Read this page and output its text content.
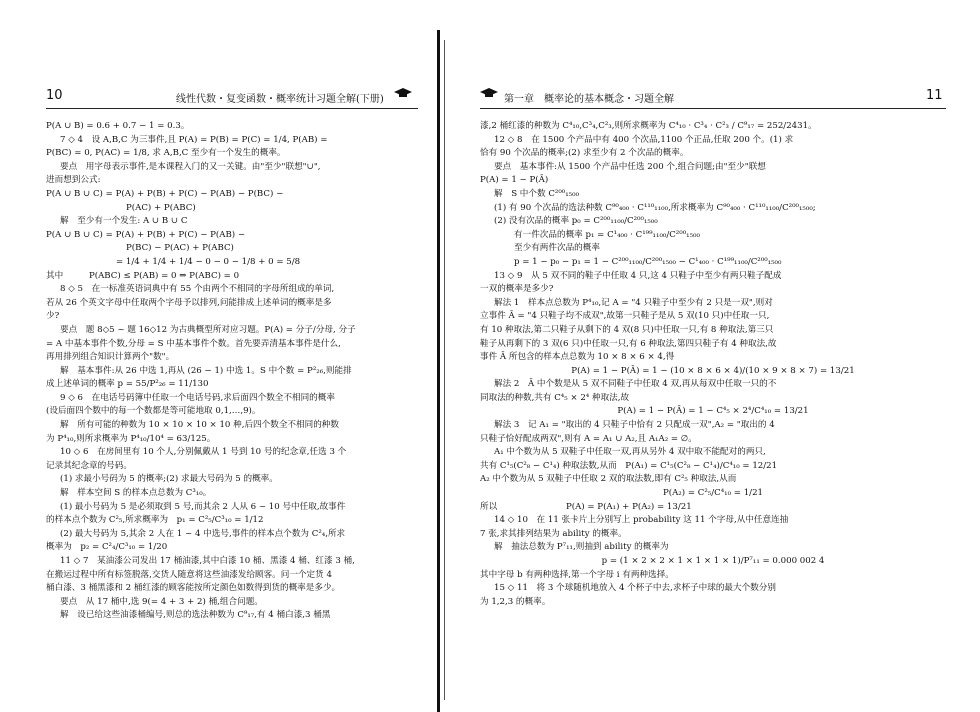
10	线性代数・复变函数・概率统计习题全解(下册)

P(A ∪ B) = 0.6 + 0.7 − 1 = 0.3。

7 ◇ 4　设 A,B,C 为三事件,且 P(A) = P(B) = P(C) = 1/4, P(AB) =

P(BC) = 0, P(AC) = 1/8, 求 A,B,C 至少有一个发生的概率。

要点　用字母表示事件,是本课程入门的又一关键。由"至少"联想"∪",

进而想到公式:

P(A ∪ B ∪ C) = P(A) + P(B) + P(C) − P(AB) − P(BC) −

P(AC) + P(ABC)

解　至少有一个发生: A ∪ B ∪ C

P(A ∪ B ∪ C) = P(A) + P(B) + P(C) − P(AB) −

P(BC) − P(AC) + P(ABC)

= 1/4 + 1/4 + 1/4 − 0 − 0 − 1/8 + 0 = 5/8

其中　　　P(ABC) ≤ P(AB) = 0 ⇒ P(ABC) = 0

8 ◇ 5　在一标准英语词典中有 55 个由两个不相同的字母所组成的单词,

若从 26 个英文字母中任取两个字母予以排列,问能排成上述单词的概率是多

少?

要点　题 8◇5 ~ 题 16◇12 为古典概型所对应习题。P(A) = 分子/分母, 分子

= A 中基本事件个数,分母 = S 中基本事件个数。首先要弄清基本事件是什么,

再用排列组合知识计算两个"数"。

解　基本事件:从 26 中选 1,再从 (26 − 1) 中选 1。S 中个数 = P²₂₆,则能排

成上述单词的概率 p = 55/P²₂₆ = 11/130

9 ◇ 6　在电话号码簿中任取一个电话号码,求后面四个数全不相同的概率

(设后面四个数中的每一个数都是等可能地取 0,1,…,9)。

解　所有可能的种数为 10 × 10 × 10 × 10 种,后四个数全不相同的种数

为 P⁴₁₀,则所求概率为 P⁴₁₀/10⁴ = 63/125。

10 ◇ 6　在房间里有 10 个人,分别佩戴从 1 号到 10 号的纪念章,任选 3 个

记录其纪念章的号码。

(1) 求最小号码为 5 的概率;(2) 求最大号码为 5 的概率。

解　样本空间 S 的样本点总数为 C³₁₀。

(1) 最小号码为 5 是必须取到 5 号,而其余 2 人从 6 ~ 10 号中任取,故事件

的样本点个数为 C²₅,所求概率为　p₁ = C²₅/C³₁₀ = 1/12

(2) 最大号码为 5,其余 2 人在 1 ~ 4 中选号,事件的样本点个数为 C²₄,所求

概率为　p₂ = C²₄/C³₁₀ = 1/20

11 ◇ 7　某油漆公司发出 17 桶油漆,其中白漆 10 桶、黑漆 4 桶、红漆 3 桶,

在搬运过程中所有标签脱落,交货人随意将这些油漆发给顾客。问一个定货 4

桶白漆、3 桶黑漆和 2 桶红漆的顾客能按所定颜色如数得到货的概率是多少。

要点　从 17 桶中,选 9(= 4 + 3 + 2) 桶,组合问题。

解　设已给这些油漆桶编号,则总的选法种数为 C⁹₁₇,有 4 桶白漆,3 桶黑

第一章　概率论的基本概念・习题全解	11

漆,2 桶红漆的种数为 C⁴₁₀,C³₄,C²₃,则所求概率为 C⁴₁₀ · C³₄ · C²₃ / C⁹₁₇ = 252/2431。

12 ◇ 8　在 1500 个产品中有 400 个次品,1100 个正品,任取 200 个。(1) 求

恰有 90 个次品的概率;(2) 求至少有 2 个次品的概率。

要点　基本事件:从 1500 个产品中任选 200 个,组合问题;由"至少"联想

P(A) = 1 − P(Ā)

解　S 中个数 C²⁰⁰₁₅₀₀

(1) 有 90 个次品的选法种数 C⁹⁰₄₀₀ · C¹¹⁰₁₁₀₀,所求概率为 C⁹⁰₄₀₀ · C¹¹⁰₁₁₀₀/C²⁰⁰₁₅₀₀;

(2) 没有次品的概率 p₀ = C²⁰⁰₁₁₀₀/C²⁰⁰₁₅₀₀

有一件次品的概率 p₁ = C¹₄₀₀ · C¹⁹⁹₁₁₀₀/C²⁰⁰₁₅₀₀

至少有两件次品的概率

p = 1 − p₀ − p₁ = 1 − C²⁰⁰₁₁₀₀/C²⁰⁰₁₅₀₀ − C¹₄₀₀ · C¹⁹⁹₁₁₀₀/C²⁰⁰₁₅₀₀

13 ◇ 9　从 5 双不同的鞋子中任取 4 只,这 4 只鞋子中至少有两只鞋子配成

一双的概率是多少?

解法 1　样本点总数为 P⁴₁₀,记 A = "4 只鞋子中至少有 2 只是一双",则对

立事件 Ā = "4 只鞋子均不成双",故第一只鞋子是从 5 双(10 只)中任取一只,

有 10 种取法,第二只鞋子从剩下的 4 双(8 只)中任取一只,有 8 种取法,第三只

鞋子从再剩下的 3 双(6 只)中任取一只,有 6 种取法,第四只鞋子有 4 种取法,故

事件 Ā 所包含的样本点总数为 10 × 8 × 6 × 4,得

P(A) = 1 − P(Ā) = 1 − (10 × 8 × 6 × 4)/(10 × 9 × 8 × 7) = 13/21

解法 2　Ā 中个数是从 5 双不同鞋子中任取 4 双,再从每双中任取一只的不

同取法的种数,共有 C⁴₅ × 2⁴ 种取法,故

P(A) = 1 − P(Ā) = 1 − C⁴₅ × 2⁴/C⁴₁₀ = 13/21

解法 3　记 A₁ = "取出的 4 只鞋子中恰有 2 只配成一双",A₂ = "取出的 4

只鞋子恰好配成两双",则有 A = A₁ ∪ A₂,且 A₁A₂ = ∅。

A₁ 中个数为从 5 双鞋子中任取一双,再从另外 4 双中取不能配对的两只,

共有 C¹₅(C²₈ − C¹₄) 种取法数,从而　P(A₁) = C¹₅(C²₈ − C¹₄)/C⁴₁₀ = 12/21

A₂ 中个数为从 5 双鞋子中任取 2 双的取法数,即有 C²₅ 种取法,从而

P(A₂) = C²₅/C⁴₁₀ = 1/21

所以　　　　　　　　P(A) = P(A₁) + P(A₂) = 13/21

14 ◇ 10　在 11 张卡片上分别写上 probability 这 11 个字母,从中任意连抽

7 张,求其排列结果为 ability 的概率。

解　抽法总数为 P⁷₁₁,则抽到 ability 的概率为

p = (1 × 2 × 2 × 1 × 1 × 1 × 1)/P⁷₁₁ = 0.000 002 4

其中字母 b 有两种选择,第一个字母 i 有两种选择。

15 ◇ 11　将 3 个球随机地放入 4 个杯子中去,求杯子中球的最大个数分别

为 1,2,3 的概率。
